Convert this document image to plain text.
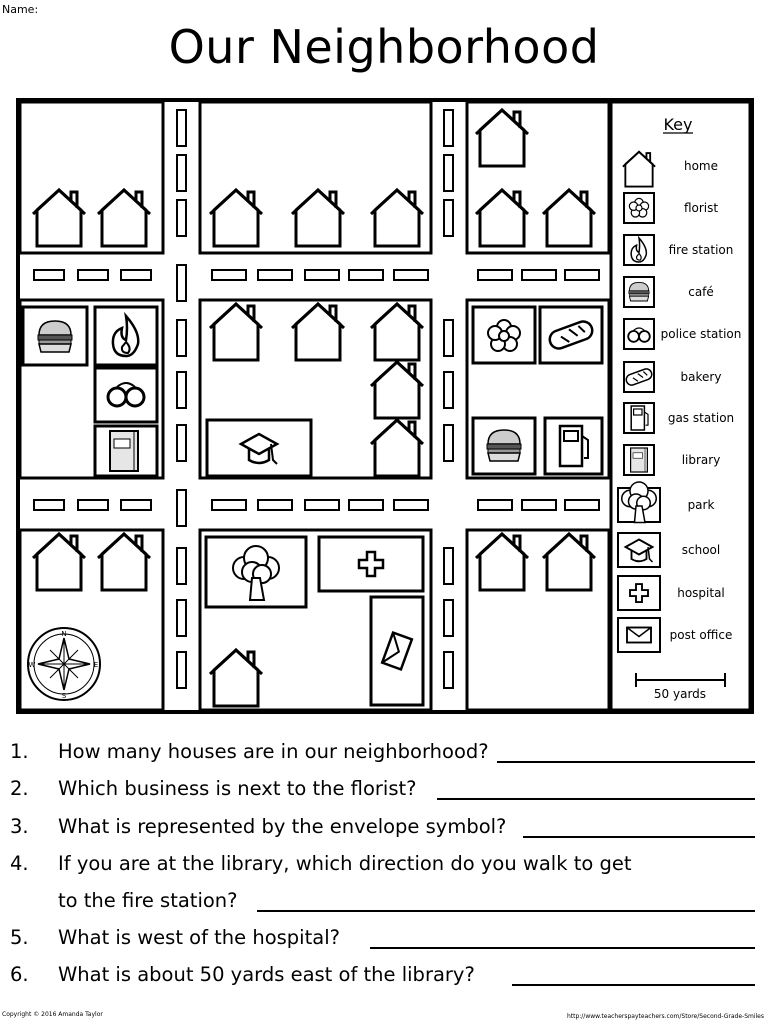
Name:
Our Neighborhood
N
S
E
W
Key
home
florist
fire station
café
police station
bakery
gas station
library
park
school
hospital
post office
50 yards
1.	How many houses are in our neighborhood?
2.	Which business is next to the florist?
3.	What is represented by the envelope symbol?
4.	If you are at the library, which direction do you walk to get
to the fire station?
5.	What is west of the hospital?
6.	What is about 50 yards east of the library?
Copyright © 2016 Amanda Taylor	http://www.teacherspayteachers.com/Store/Second-Grade-Smiles
